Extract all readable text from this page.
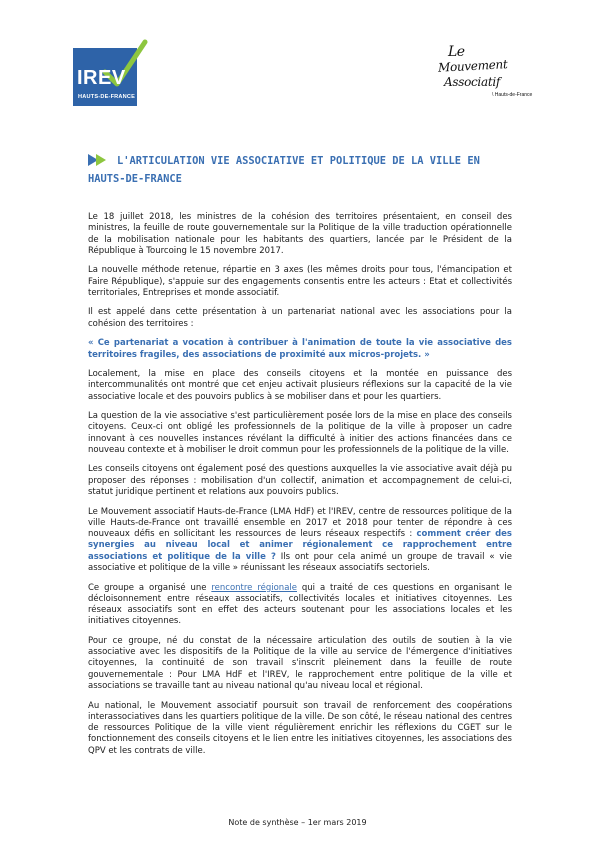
IREV
HAUTS-DE-FRANCE
Le
Mouvement
Associatif
\ Hauts-de-France
L'ARTICULATION VIE ASSOCIATIVE ET POLITIQUE DE LA VILLE EN
HAUTS-DE-FRANCE

Le 18 juillet 2018, les ministres de la cohésion des territoires présentaient, en conseil des ministres, la feuille de route gouvernementale sur la Politique de la ville traduction opérationnelle de la mobilisation nationale pour les habitants des quartiers, lancée par le Président de la République à Tourcoing le 15 novembre 2017.

La nouvelle méthode retenue, répartie en 3 axes (les mêmes droits pour tous, l'émancipation et Faire République), s'appuie sur des engagements consentis entre les acteurs : Etat et collectivités territoriales, Entreprises et monde associatif.

Il est appelé dans cette présentation à un partenariat national avec les associations pour la cohésion des territoires :

« Ce partenariat a vocation à contribuer à l'animation de toute la vie associative des territoires fragiles, des associations de proximité aux micros-projets. »

Localement, la mise en place des conseils citoyens et la montée en puissance des intercommunalités ont montré que cet enjeu activait plusieurs réflexions sur la capacité de la vie associative locale et des pouvoirs publics à se mobiliser dans et pour les quartiers.

La question de la vie associative s'est particulièrement posée lors de la mise en place des conseils citoyens. Ceux-ci ont obligé les professionnels de la politique de la ville à proposer un cadre innovant à ces nouvelles instances révélant la difficulté à initier des actions financées dans ce nouveau contexte et à mobiliser le droit commun pour les professionnels de la politique de la ville.

Les conseils citoyens ont également posé des questions auxquelles la vie associative avait déjà pu proposer des réponses : mobilisation d'un collectif, animation et accompagnement de celui-ci, statut juridique pertinent et relations aux pouvoirs publics.

Le Mouvement associatif Hauts-de-France (LMA HdF) et l'IREV, centre de ressources politique de la ville Hauts-de-France ont travaillé ensemble en 2017 et 2018 pour tenter de répondre à ces nouveaux défis en sollicitant les ressources de leurs réseaux respectifs : comment créer des synergies au niveau local et animer régionalement ce rapprochement entre associations et politique de la ville ? Ils ont pour cela animé un groupe de travail « vie associative et politique de la ville » réunissant les réseaux associatifs sectoriels.

Ce groupe a organisé une rencontre régionale qui a traité de ces questions en organisant le décloisonnement entre réseaux associatifs, collectivités locales et initiatives citoyennes. Les réseaux associatifs sont en effet des acteurs soutenant pour les associations locales et les initiatives citoyennes.

Pour ce groupe, né du constat de la nécessaire articulation des outils de soutien à la vie associative avec les dispositifs de la Politique de la ville au service de l'émergence d'initiatives citoyennes, la continuité de son travail s'inscrit pleinement dans la feuille de route gouvernementale : Pour LMA HdF et l'IREV, le rapprochement entre politique de la ville et associations se travaille tant au niveau national qu'au niveau local et régional.

Au national, le Mouvement associatif poursuit son travail de renforcement des coopérations interassociatives dans les quartiers politique de la ville. De son côté, le réseau national des centres de ressources Politique de la ville vient régulièrement enrichir les réflexions du CGET sur le fonctionnement des conseils citoyens et le lien entre les initiatives citoyennes, les associations des QPV et les contrats de ville.

Note de synthèse – 1er mars 2019
